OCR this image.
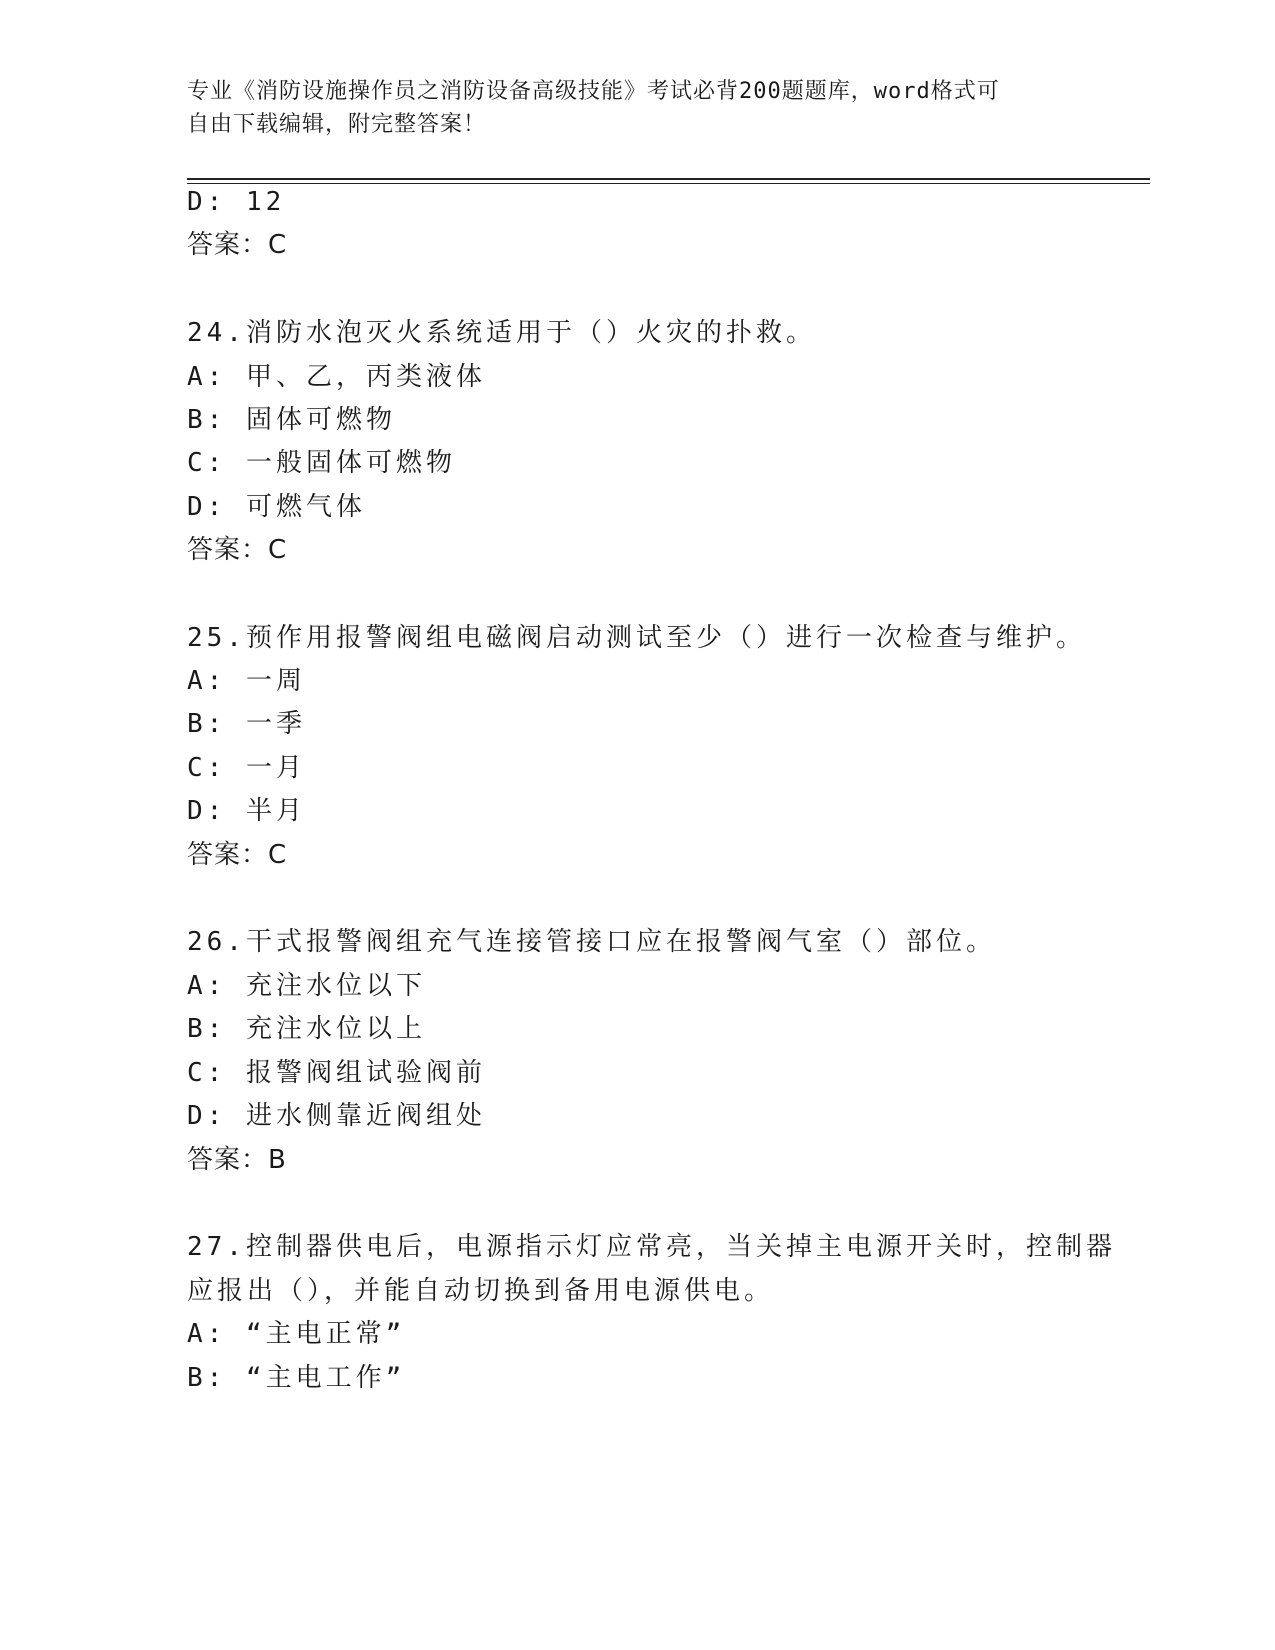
专业《消防设施操作员之消防设备高级技能》考试必背200题题库，word格式可
自由下载编辑，附完整答案！
D: 12
答案：C
24.消防水泡灭火系统适用于（）火灾的扑救。
A: 甲、乙，丙类液体
B: 固体可燃物
C: 一般固体可燃物
D: 可燃气体
答案：C
25.预作用报警阀组电磁阀启动测试至少（）进行一次检查与维护。
A: 一周
B: 一季
C: 一月
D: 半月
答案：C
26.干式报警阀组充气连接管接口应在报警阀气室（）部位。
A: 充注水位以下
B: 充注水位以上
C: 报警阀组试验阀前
D: 进水侧靠近阀组处
答案：B
27.控制器供电后，电源指示灯应常亮，当关掉主电源开关时，控制器
应报出（），并能自动切换到备用电源供电。
A: “主电正常”
B: “主电工作”
